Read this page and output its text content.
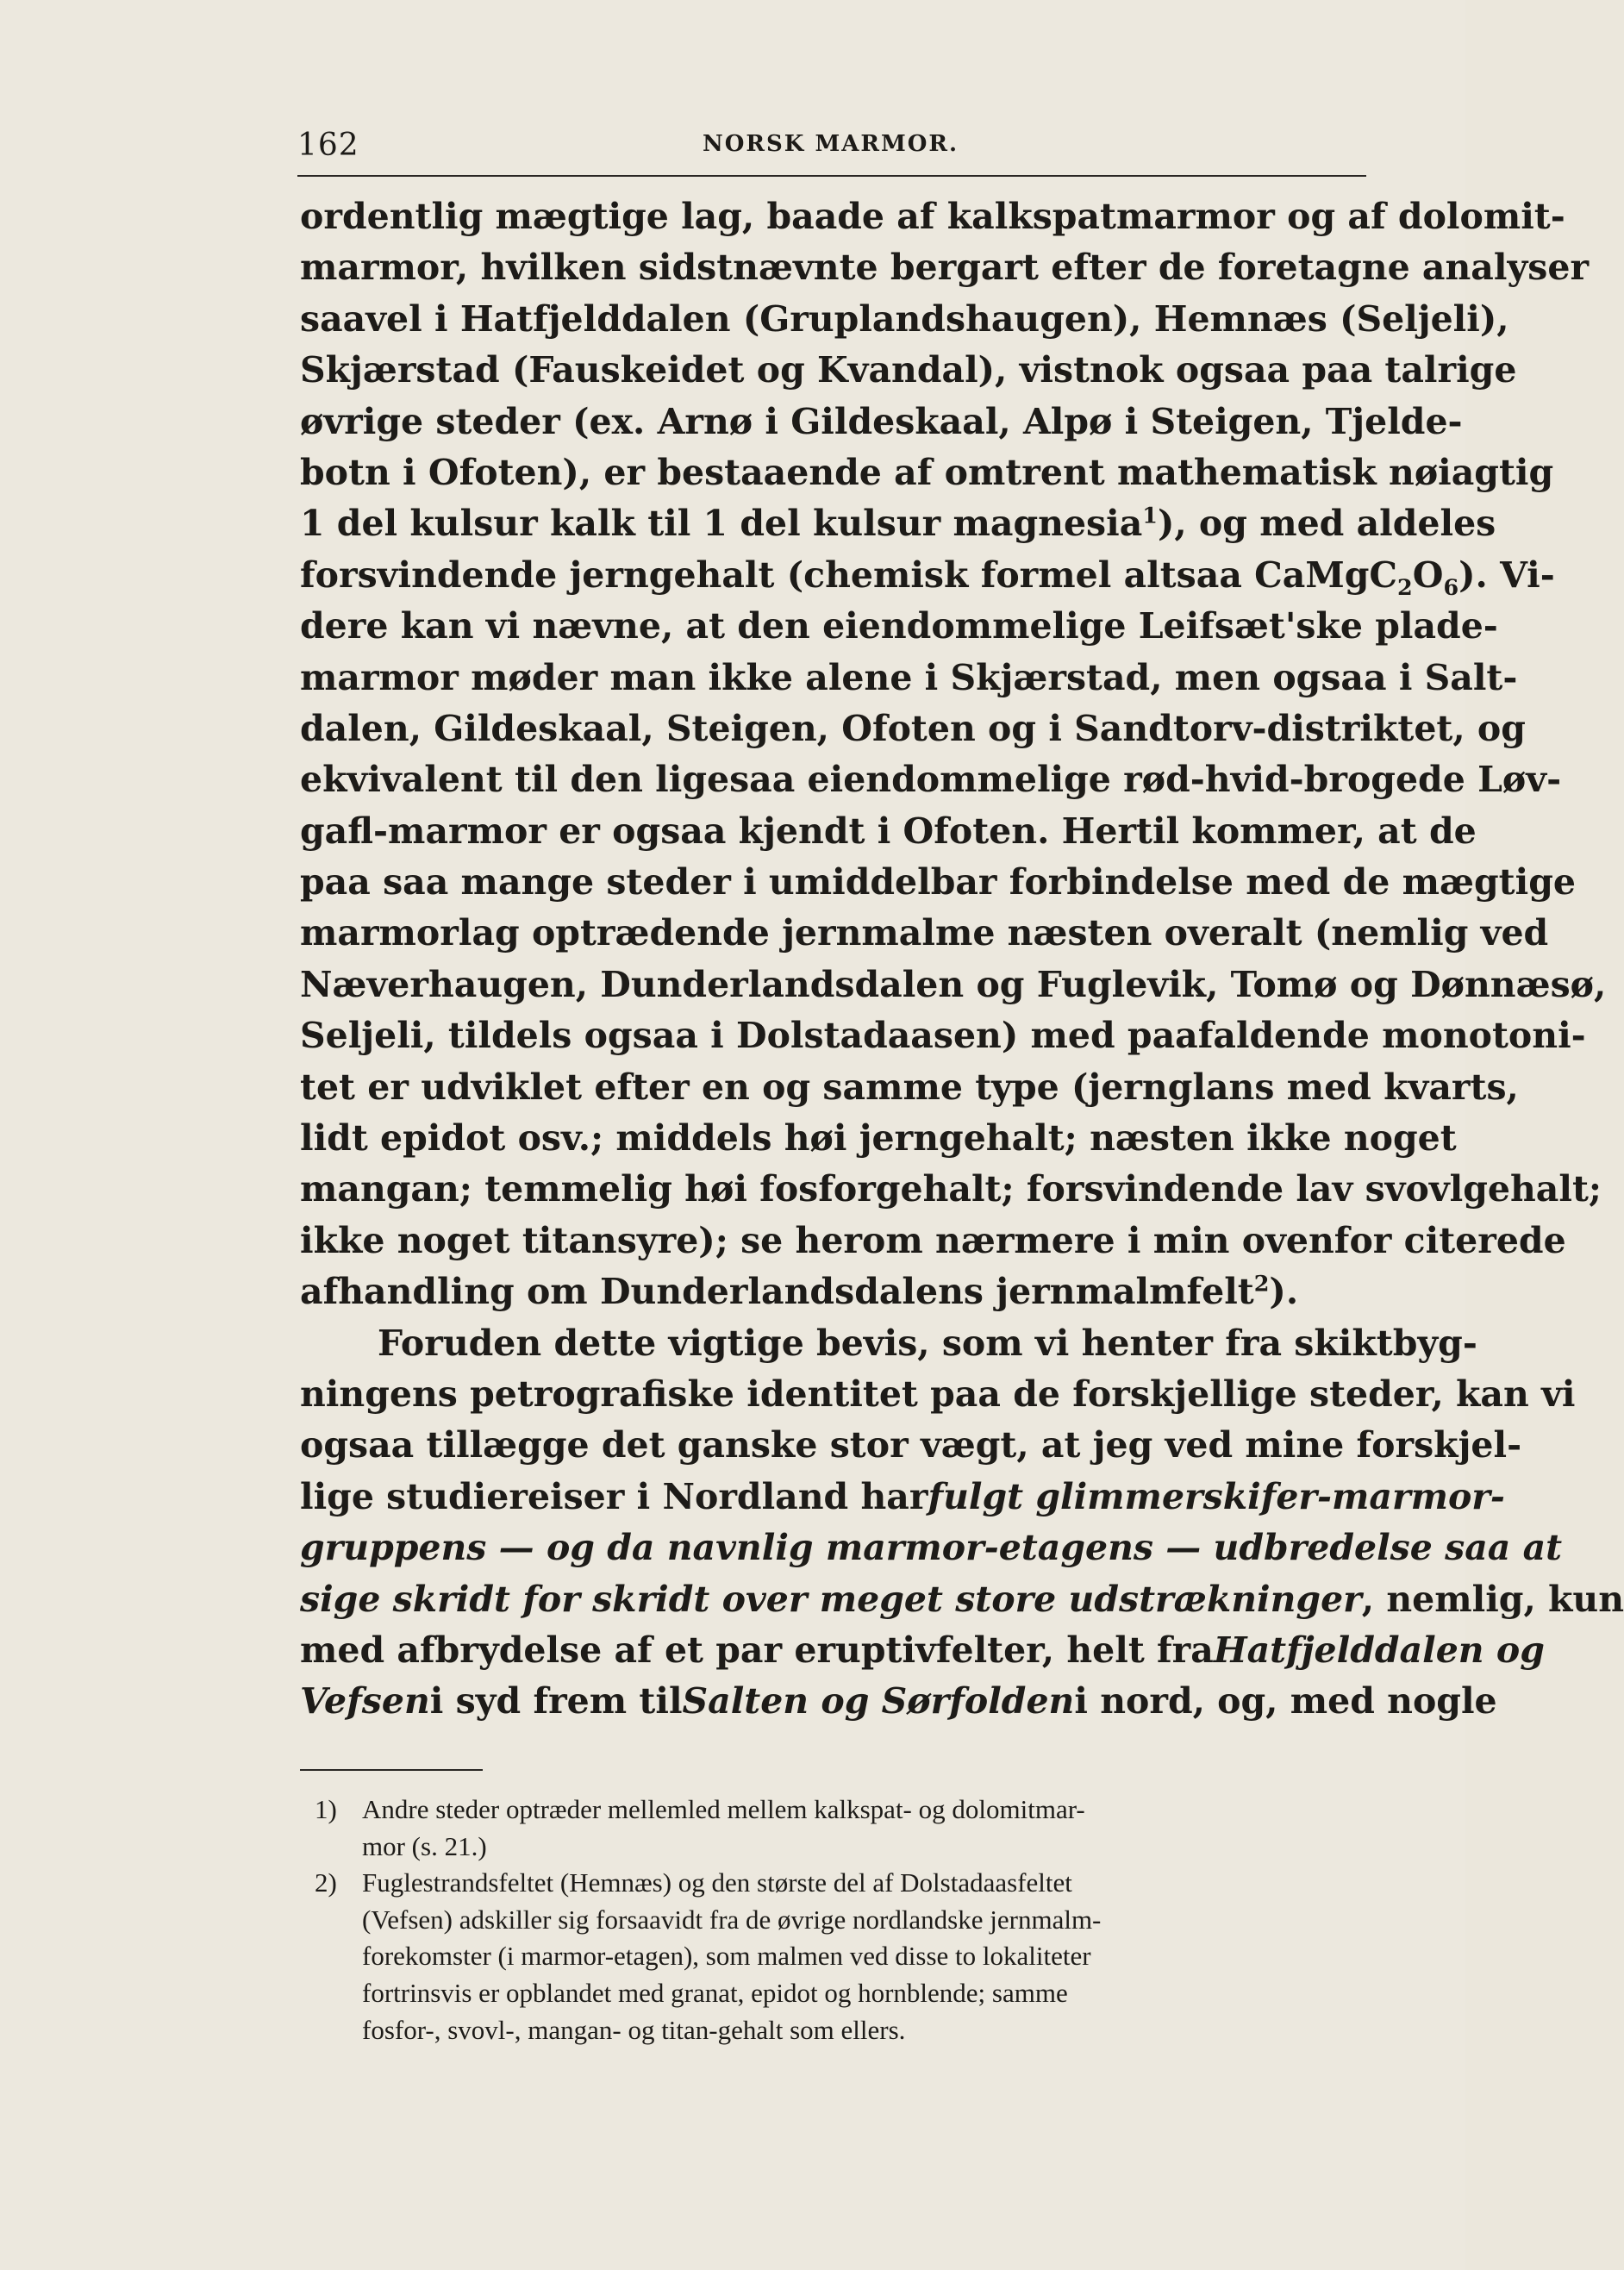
162	NORSK MARMOR.
ordentlig mægtige lag, baade af kalkspatmarmor og af dolomit-
marmor, hvilken sidstnævnte bergart efter de foretagne analyser
saavel i Hatfjelddalen (Gruplandshaugen), Hemnæs (Seljeli),
Skjærstad (Fauskeidet og Kvandal), vistnok ogsaa paa talrige
øvrige steder (ex. Arnø i Gildeskaal, Alpø i Steigen, Tjelde-
botn i Ofoten), er bestaaende af omtrent mathematisk nøiagtig
1 del kulsur kalk til 1 del kulsur magnesia$^1$), og med aldeles
forsvindende jerngehalt (chemisk formel altsaa $CaMgC_2O_6$). Vi-
dere kan vi nævne, at den eiendommelige Leifsæt'ske plade-
marmor møder man ikke alene i Skjærstad, men ogsaa i Salt-
dalen, Gildeskaal, Steigen, Ofoten og i Sandtorv-distriktet, og
ekvivalent til den ligesaa eiendommelige rød-hvid-brogede Løv-
gafl-marmor er ogsaa kjendt i Ofoten. Hertil kommer, at de
paa saa mange steder i umiddelbar forbindelse med de mægtige
marmorlag optrædende jernmalme næsten overalt (nemlig ved
Næverhaugen, Dunderlandsdalen og Fuglevik, Tomø og Dønnæsø,
Seljeli, tildels ogsaa i Dolstadaasen) med paafaldende monotoni-
tet er udviklet efter en og samme type (jernglans med kvarts,
lidt epidot osv.; middels høi jerngehalt; næsten ikke noget
mangan; temmelig høi fosforgehalt; forsvindende lav svovlgehalt;
ikke noget titansyre); se herom nærmere i min ovenfor citerede
afhandling om Dunderlandsdalens jernmalmfelt$^2$).
Foruden dette vigtige bevis, som vi henter fra skiktbyg-
ningens petrografiske identitet paa de forskjellige steder, kan vi
ogsaa tillægge det ganske stor vægt, at jeg ved mine forskjel-
lige studiereiser i Nordland har fulgt glimmerskifer-marmor-
gruppens — og da navnlig marmor-etagens — udbredelse saa at
sige skridt for skridt over meget store udstrækninger, nemlig, kun
med afbrydelse af et par eruptivfelter, helt fra Hatfjelddalen og
Vefsen i syd frem til Salten og Sørfolden i nord, og, med nogle
1) Andre steder optræder mellemled mellem kalkspat- og dolomitmar-
mor (s. 21.)
2) Fuglestrandsfeltet (Hemnæs) og den største del af Dolstadaasfeltet
(Vefsen) adskiller sig forsaavidt fra de øvrige nordlandske jernmalm-
forekomster (i marmor-etagen), som malmen ved disse to lokaliteter
fortrinsvis er opblandet med granat, epidot og hornblende; samme
fosfor-, svovl-, mangan- og titan-gehalt som ellers.
